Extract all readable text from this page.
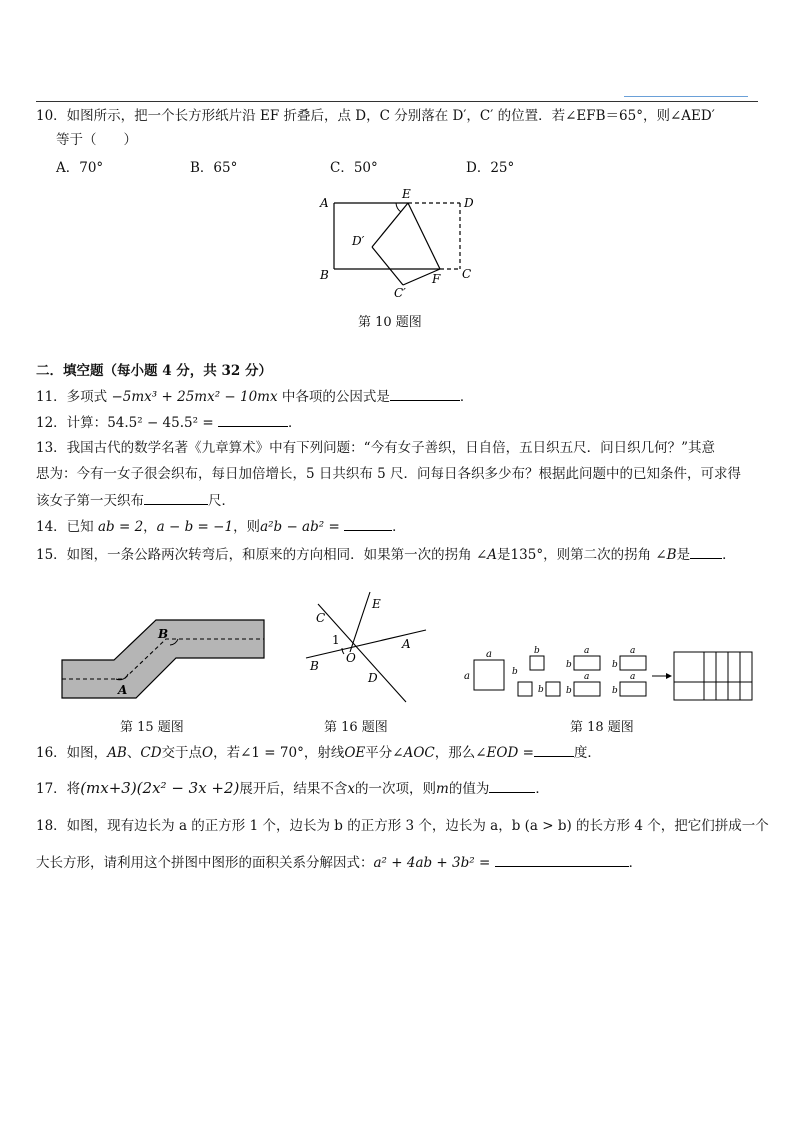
10．如图所示，把一个长方形纸片沿 EF 折叠后，点 D，C 分别落在 D′，C′ 的位置．若∠EFB＝65°，则∠AED′
等于（　　）
A．70°	B．65°	C．50°	D．25°
A
E
D
D′
B	C
F
C′
第 10 题图
二．填空题（每小题 4 分，共 32 分）
11．多项式 −5mx³ + 25mx² − 10mx 中各项的公因式是	．
12．计算：54.5² − 45.5² =	．
13．我国古代的数学名著《九章算术》中有下列问题：“今有女子善织，日自倍，五日织五尺．问日织几何？”其意
思为：今有一女子很会织布，每日加倍增长，5 日共织布 5 尺．问每日各织多少布？根据此问题中的已知条件，可求得
该女子第一天织布	尺．
14．已知 ab = 2，a − b = −1，则a²b − ab² =	．
15．如图，一条公路两次转弯后，和原来的方向相同．如果第一次的拐角 ∠A是135°，则第二次的拐角 ∠B是 ．
A
B
第 15 题图
C
E
1
O
A
B
D
第 16 题图
a
a
b
b
b
b
a
b
a
b
a
b
a
第 18 题图
16．如图，AB、CD交于点O，若∠1 = 70°，射线OE平分∠AOC，那么∠EOD =	度．
17．将(mx+3)(2x² − 3x +2)展开后，结果不含x的一次项，则m的值为	．
18．如图，现有边长为 a 的正方形 1 个，边长为 b 的正方形 3 个，边长为 a，b (a > b) 的长方形 4 个，把它们拼成一个
大长方形，请利用这个拼图中图形的面积关系分解因式：a² + 4ab + 3b² =	．
